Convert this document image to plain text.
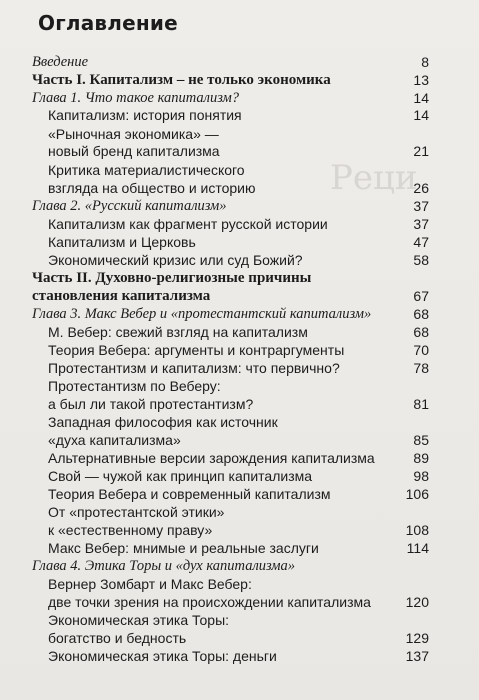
Реци
Оглавление
Введение	8
Часть I. Капитализм – не только экономика	13
Глава 1. Что такое капитализм?	14
Капитализм: история понятия	14
«Рыночная экономика» —
новый бренд капитализма	21
Критика материалистического
взгляда на общество и историю	26
Глава 2. «Русский капитализм»	37
Капитализм как фрагмент русской истории	37
Капитализм и Церковь	47
Экономический кризис или суд Божий?	58
Часть II. Духовно-религиозные причины
становления капитализма	67
Глава 3. Макс Вебер и «протестантский капитализм»	68
М. Вебер: свежий взгляд на капитализм	68
Теория Вебера: аргументы и контраргументы	70
Протестантизм и капитализм: что первично?	78
Протестантизм по Веберу:
а был ли такой протестантизм?	81
Западная философия как источник
«духа капитализма»	85
Альтернативные версии зарождения капитализма	89
Свой — чужой как принцип капитализма	98
Теория Вебера и современный капитализм	106
От «протестантской этики»
к «естественному праву»	108
Макс Вебер: мнимые и реальные заслуги	114
Глава 4. Этика Торы и «дух капитализма»
Вернер Зомбарт и Макс Вебер:
две точки зрения на происхождении капитализма 120
Экономическая этика Торы:
богатство и бедность	129
Экономическая этика Торы: деньги	137
